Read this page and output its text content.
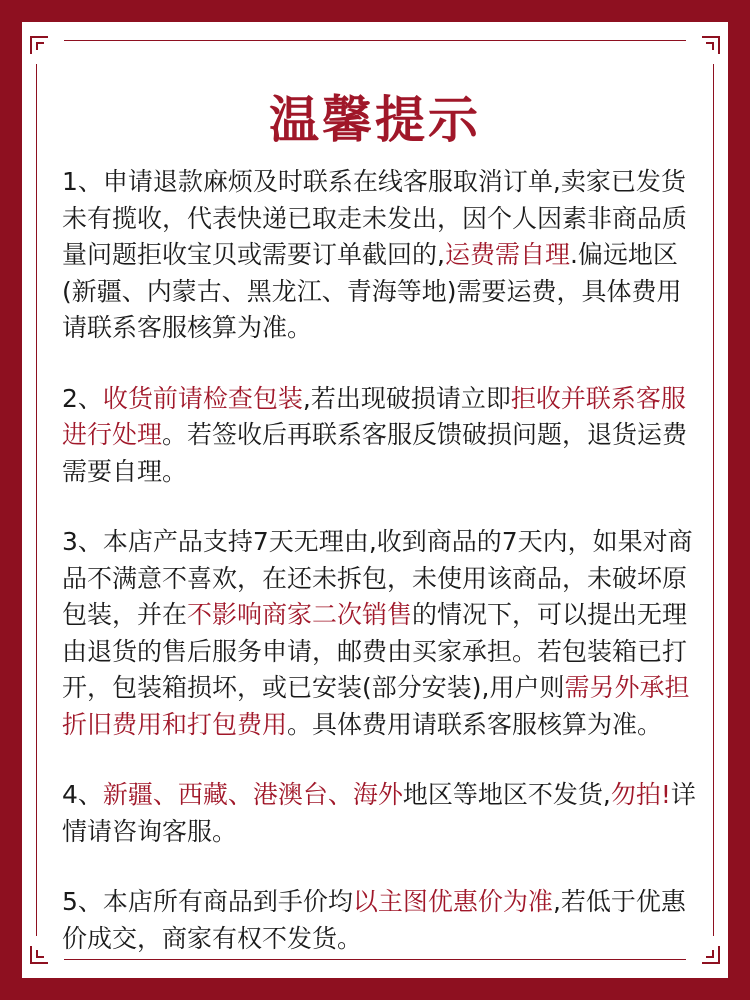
温馨提示

1、申请退款麻烦及时联系在线客服取消订单,卖家已发货未有揽收，代表快递已取走未发出，因个人因素非商品质量问题拒收宝贝或需要订单截回的,运费需自理.偏远地区(新疆、内蒙古、黑龙江、青海等地)需要运费，具体费用请联系客服核算为准。

2、收货前请检查包装,若出现破损请立即拒收并联系客服进行处理。若签收后再联系客服反馈破损问题，退货运费需要自理。

3、本店产品支持7天无理由,收到商品的7天内，如果对商品不满意不喜欢，在还未拆包，未使用该商品，未破坏原包装，并在不影响商家二次销售的情况下，可以提出无理由退货的售后服务申请，邮费由买家承担。若包装箱已打开，包装箱损坏，或已安装(部分安装),用户则需另外承担折旧费用和打包费用。具体费用请联系客服核算为准。

4、新疆、西藏、港澳台、海外地区等地区不发货,勿拍!详情请咨询客服。

5、本店所有商品到手价均以主图优惠价为准,若低于优惠价成交，商家有权不发货。
